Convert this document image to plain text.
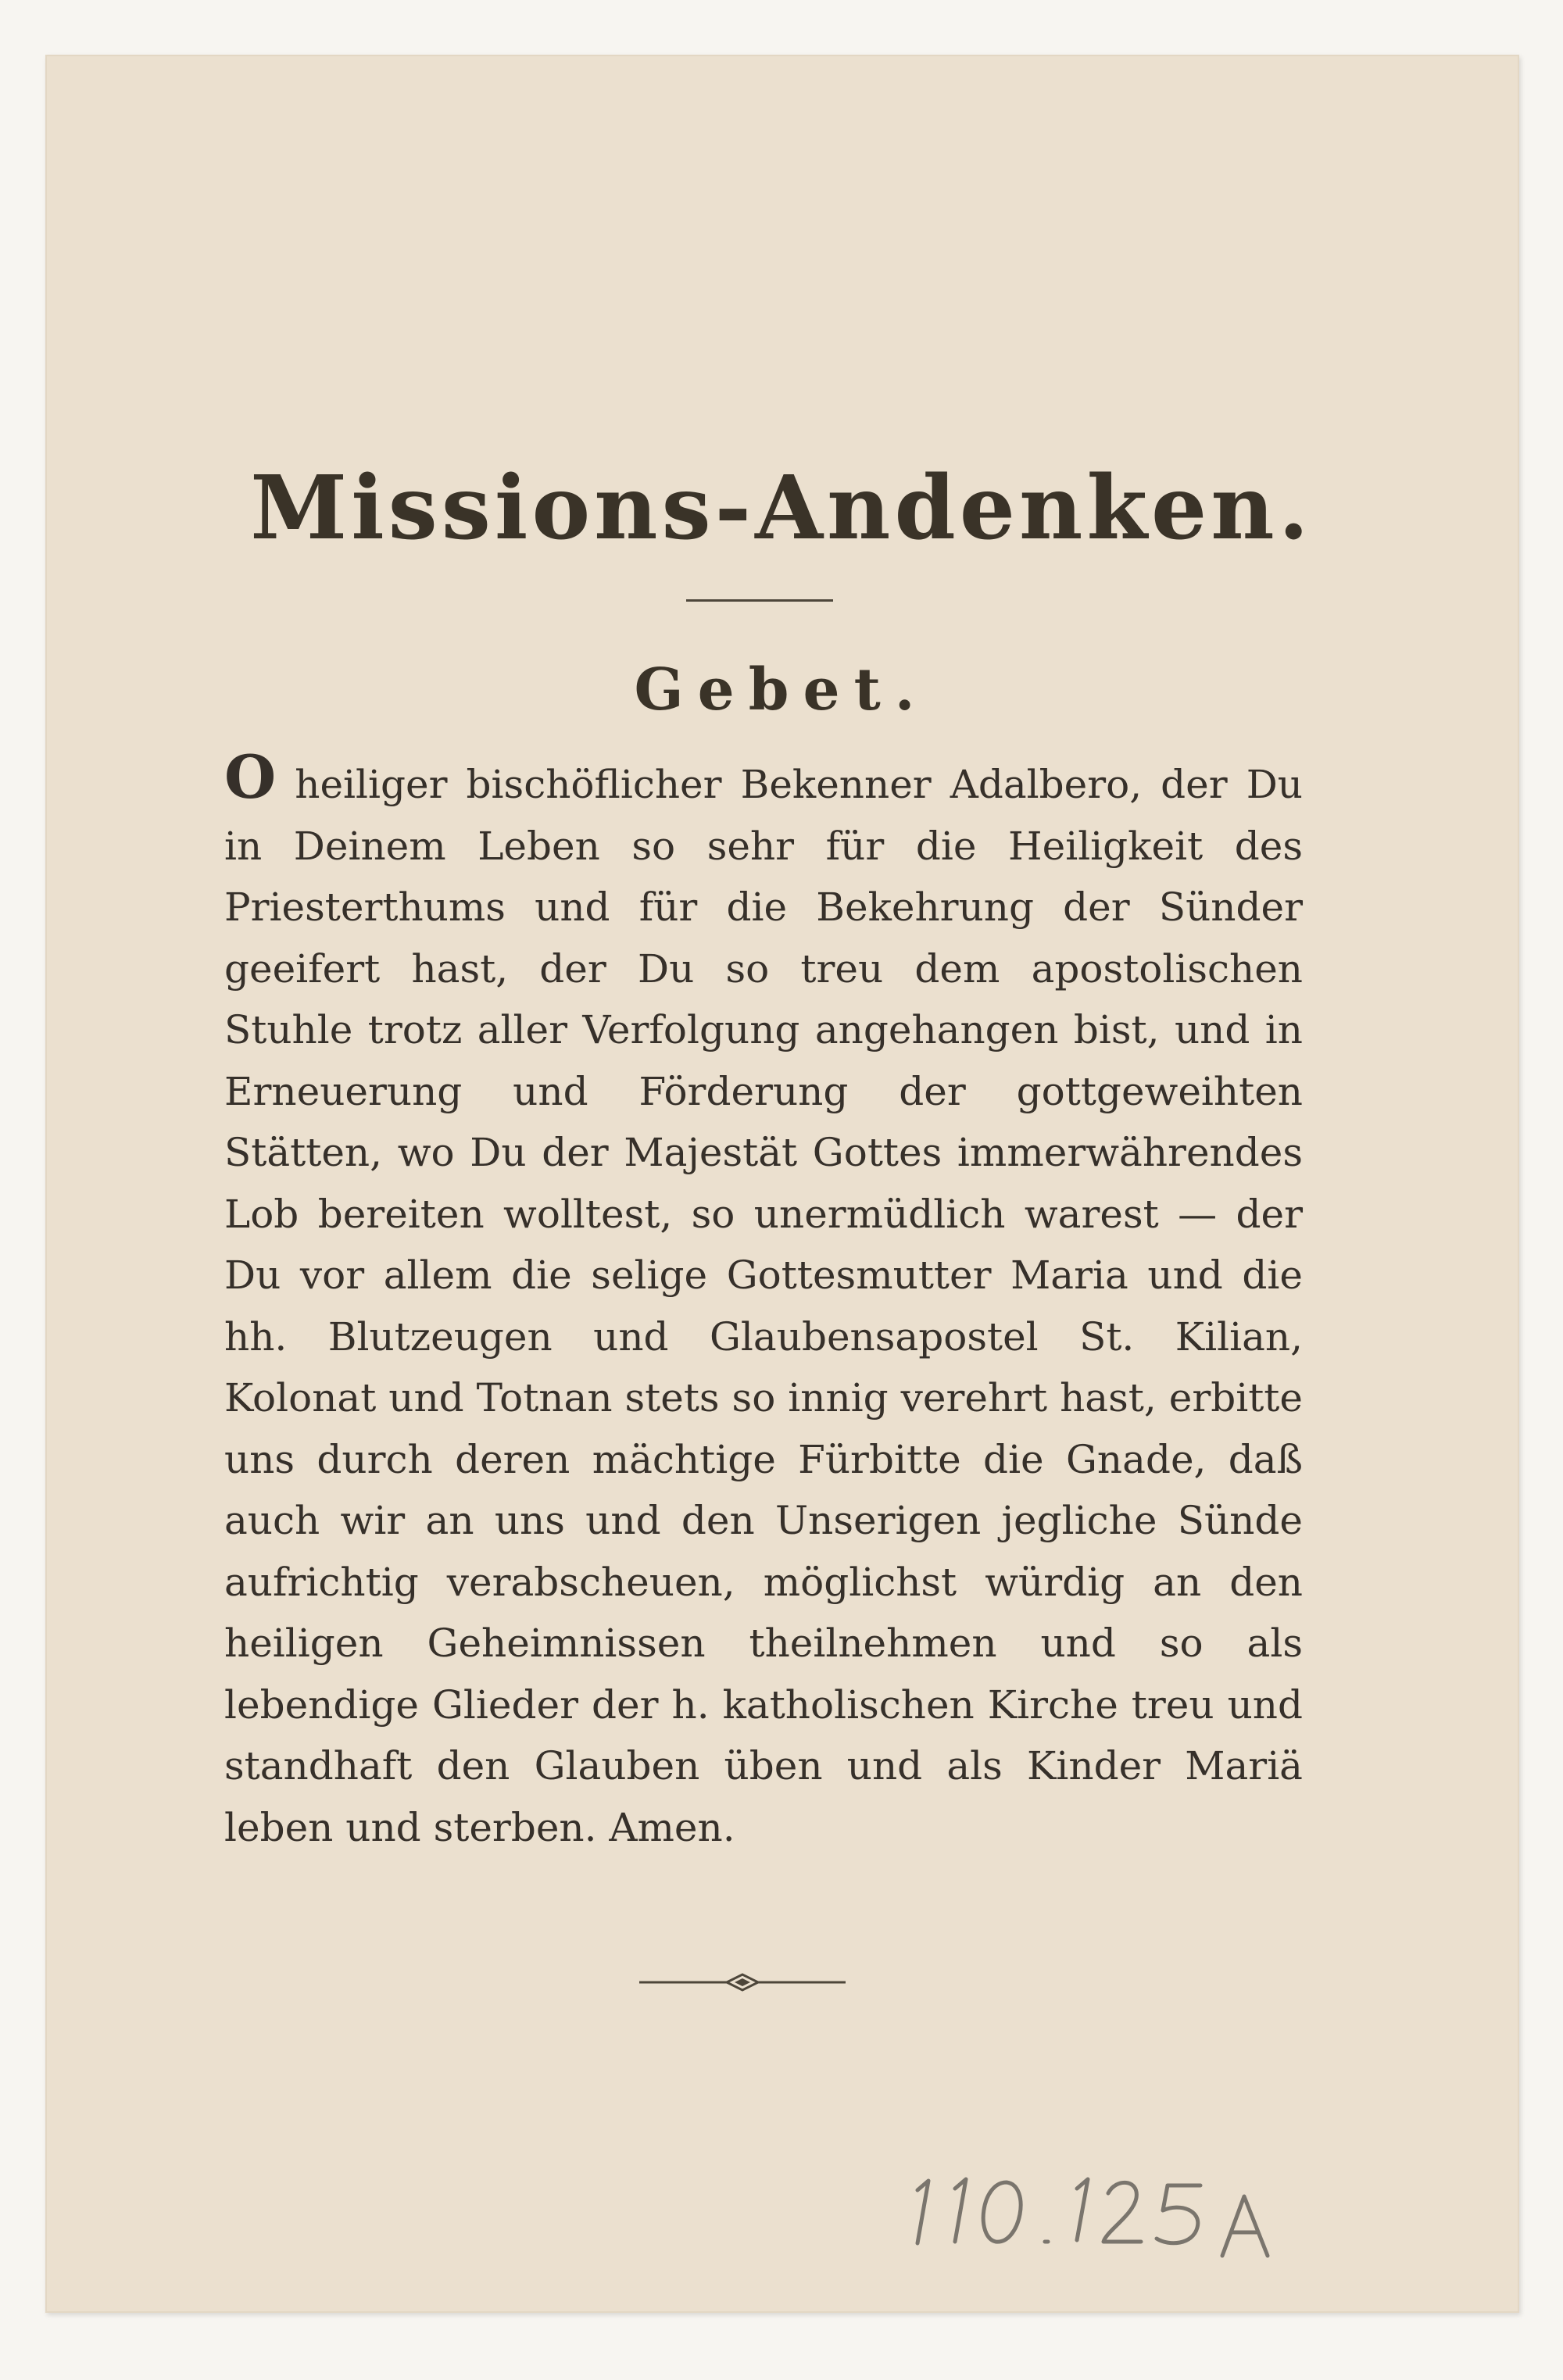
Missions-Andenken.
Gebet.
O heiliger bischöflicher Bekenner Adalbero, der Du in Deinem Leben so sehr für die Heiligkeit des Priesterthums und für die Bekehrung der Sünder geeifert hast, der Du so treu dem apostolischen Stuhle trotz aller Verfolgung angehangen bist, und in Erneuerung und Förderung der gottgeweihten Stätten, wo Du der Majestät Gottes immerwährendes Lob bereiten wolltest, so unermüdlich warest — der Du vor allem die selige Gottesmutter Maria und die hh. Blutzeugen und Glaubensapostel St. Kilian, Kolonat und Totnan stets so innig verehrt hast, erbitte uns durch deren mächtige Fürbitte die Gnade, daß auch wir an uns und den Unserigen jegliche Sünde aufrichtig verabscheuen, möglichst würdig an den heiligen Geheimnissen theilnehmen und so als lebendige Glieder der h. katholischen Kirche treu und standhaft den Glauben üben und als Kinder Mariä leben und sterben. Amen.
110.125A
